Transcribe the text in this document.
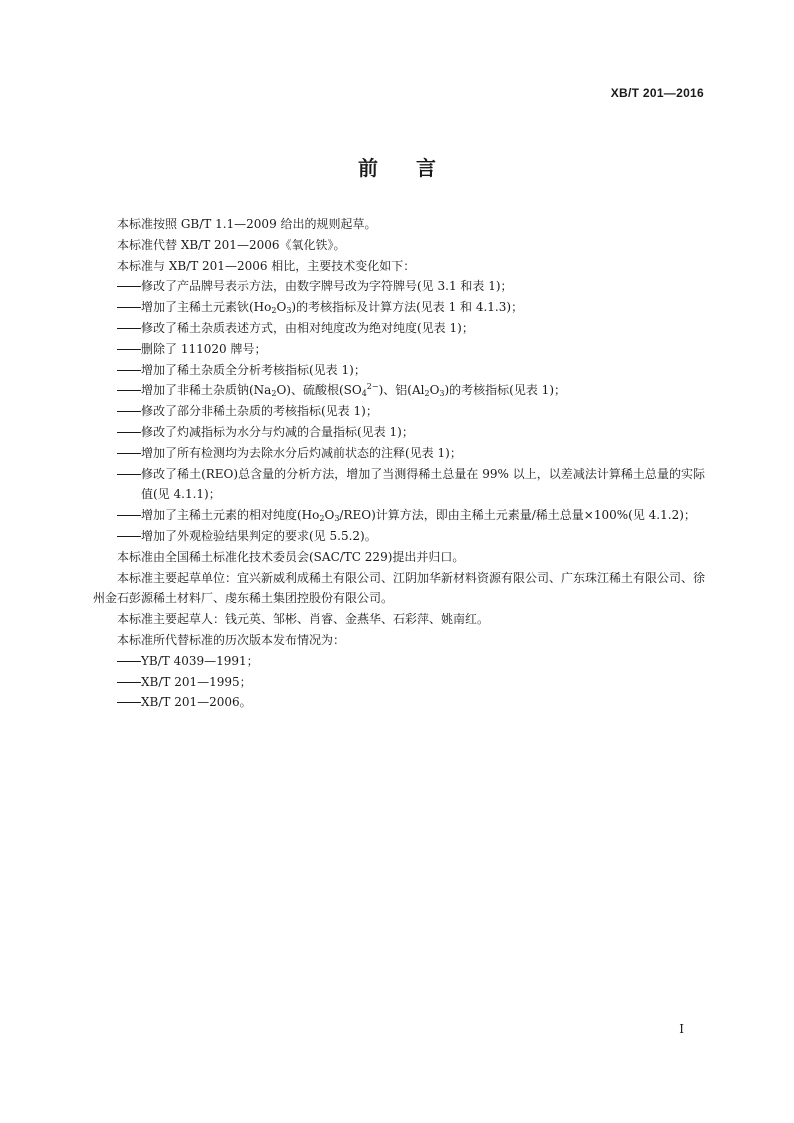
XB/T 201—2016
前言

本标准按照 GB/T 1.1—2009 给出的规则起草。

本标准代替 XB/T 201—2006《氧化铁》。

本标准与 XB/T 201—2006 相比，主要技术变化如下：

修改了产品牌号表示方法，由数字牌号改为字符牌号(见 3.1 和表 1)；

增加了主稀土元素钬$(Ho_2O_3)$的考核指标及计算方法(见表 1 和 4.1.3)；

修改了稀土杂质表述方式，由相对纯度改为绝对纯度(见表 1)；

删除了 111020 牌号；

增加了稀土杂质全分析考核指标(见表 1)；

增加了非稀土杂质钠$(Na_2O)$、硫酸根$(SO_4^{2-})$、铝$(Al_2O_3)$的考核指标(见表 1)；

修改了部分非稀土杂质的考核指标(见表 1)；

修改了灼减指标为水分与灼减的合量指标(见表 1)；

增加了所有检测均为去除水分后灼减前状态的注释(见表 1)；

修改了稀土(REO)总含量的分析方法，增加了当测得稀土总量在 99% 以上，以差减法计算稀土总量的实际值(见 4.1.1)；

增加了主稀土元素的相对纯度$(Ho_2O_3/REO)$计算方法，即由主稀土元素量/稀土总量×100%(见 4.1.2)；

增加了外观检验结果判定的要求(见 5.5.2)。

本标准由全国稀土标准化技术委员会(SAC/TC 229)提出并归口。

本标准主要起草单位：宜兴新威利成稀土有限公司、江阴加华新材料资源有限公司、广东珠江稀土有限公司、徐州金石彭源稀土材料厂、虔东稀土集团控股份有限公司。

本标准主要起草人：钱元英、邹彬、肖睿、金燕华、石彩萍、姚南红。

本标准所代替标准的历次版本发布情况为：

YB/T 4039—1991；

XB/T 201—1995；

XB/T 201—2006。

I
